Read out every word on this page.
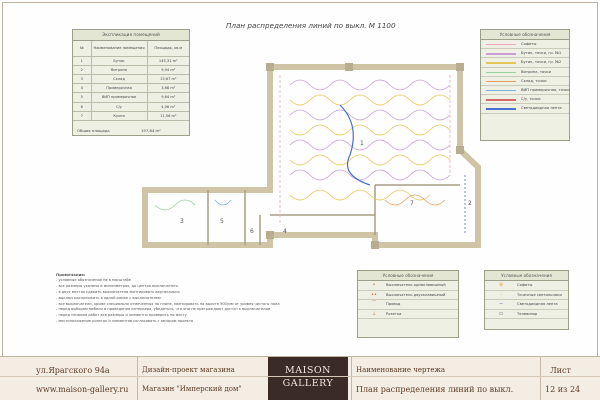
План распределения линий по выкл. М 1100
Экспликация помещений
№	Наименование помещения	Площадь, кв.м
1	Бутик	145,31 m²
2	Витрина	9,94 m²
3	Склад	13,67 m²
4	Примерочная	3,68 m²
5	ВИП примерочная	9,64 m²
6	С/у	4,06 m²
7	Кухня	11,56 m²
Общая площадь	197,84 m²
Условные обозначения
Софиты
Бутик, точки, гр. №1
Бутик, точки, гр. №2
Витрина, точки
Склад, точки
ВИП примерочная, точки
С/у, точки
Светодиодная лента
1
2
3
4
5
6
7
Примечания:
- условные обозначения не в масштабе
- все размеры указаны в миллиметрах, до центра выключателя
- в двух местах сдвоить выключатели монтировать вертикально
- выключ расположить в одной рамке с выключателем
- все выключатели, кроме специально отмеченных на плане, монтировать на высоте 900/мм от уровня чистого пола
- перед выбором мебели и проведения интерьера, убедиться, что они не преграждают доступ к выключателям
- перед началом работ все размеры и элементы проверить по месту
- местоположение розеток и элементов согласовать с автором проекта
Условные обозначения
•	Выключатель одноклавишный
••	Выключатель двухклавишный
⌒	Провод
⊥	Розетка
Условные обозначения
⊕	Софиты
◦	Точечные светильники
∼	Светодиодная лента
▭	Телевизор
ул.Ярагского 94а
www.maison-gallery.ru
Дизайн-проект магазина
Магазин "Имперский дом"
MAISON
GALLERY
Наименование чертежа
План распределения линий по выкл.
Лист
12 из 24
